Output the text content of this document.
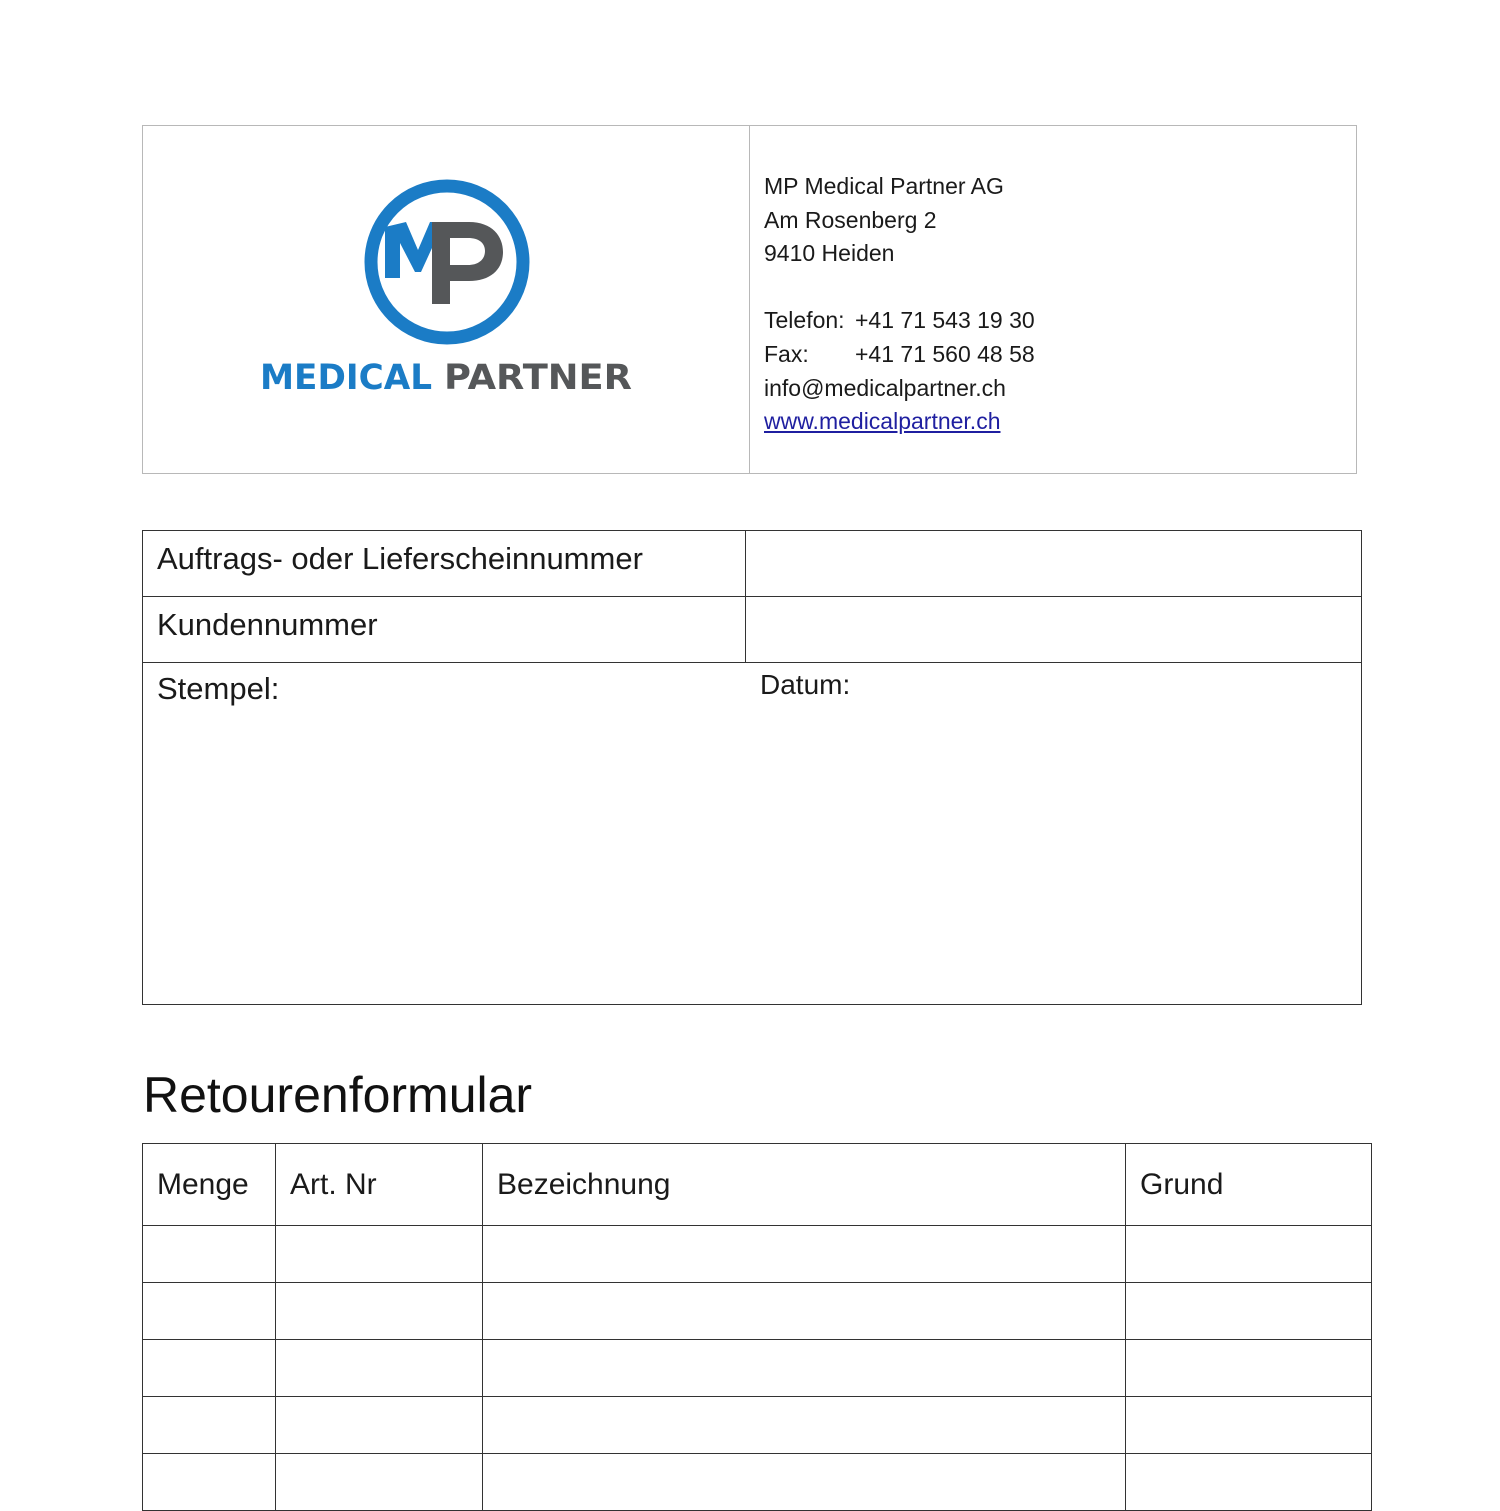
MEDICAL PARTNER
MP Medical Partner AG
Am Rosenberg 2
9410 Heiden
Telefon: +41 71 543 19 30
Fax: +41 71 560 48 58
info@medicalpartner.ch
www.medicalpartner.ch
Auftrags- oder Lieferscheinnummer
Kundennummer
Stempel:	Datum:
Retourenformular
Menge	Art. Nr	Bezeichnung	Grund
